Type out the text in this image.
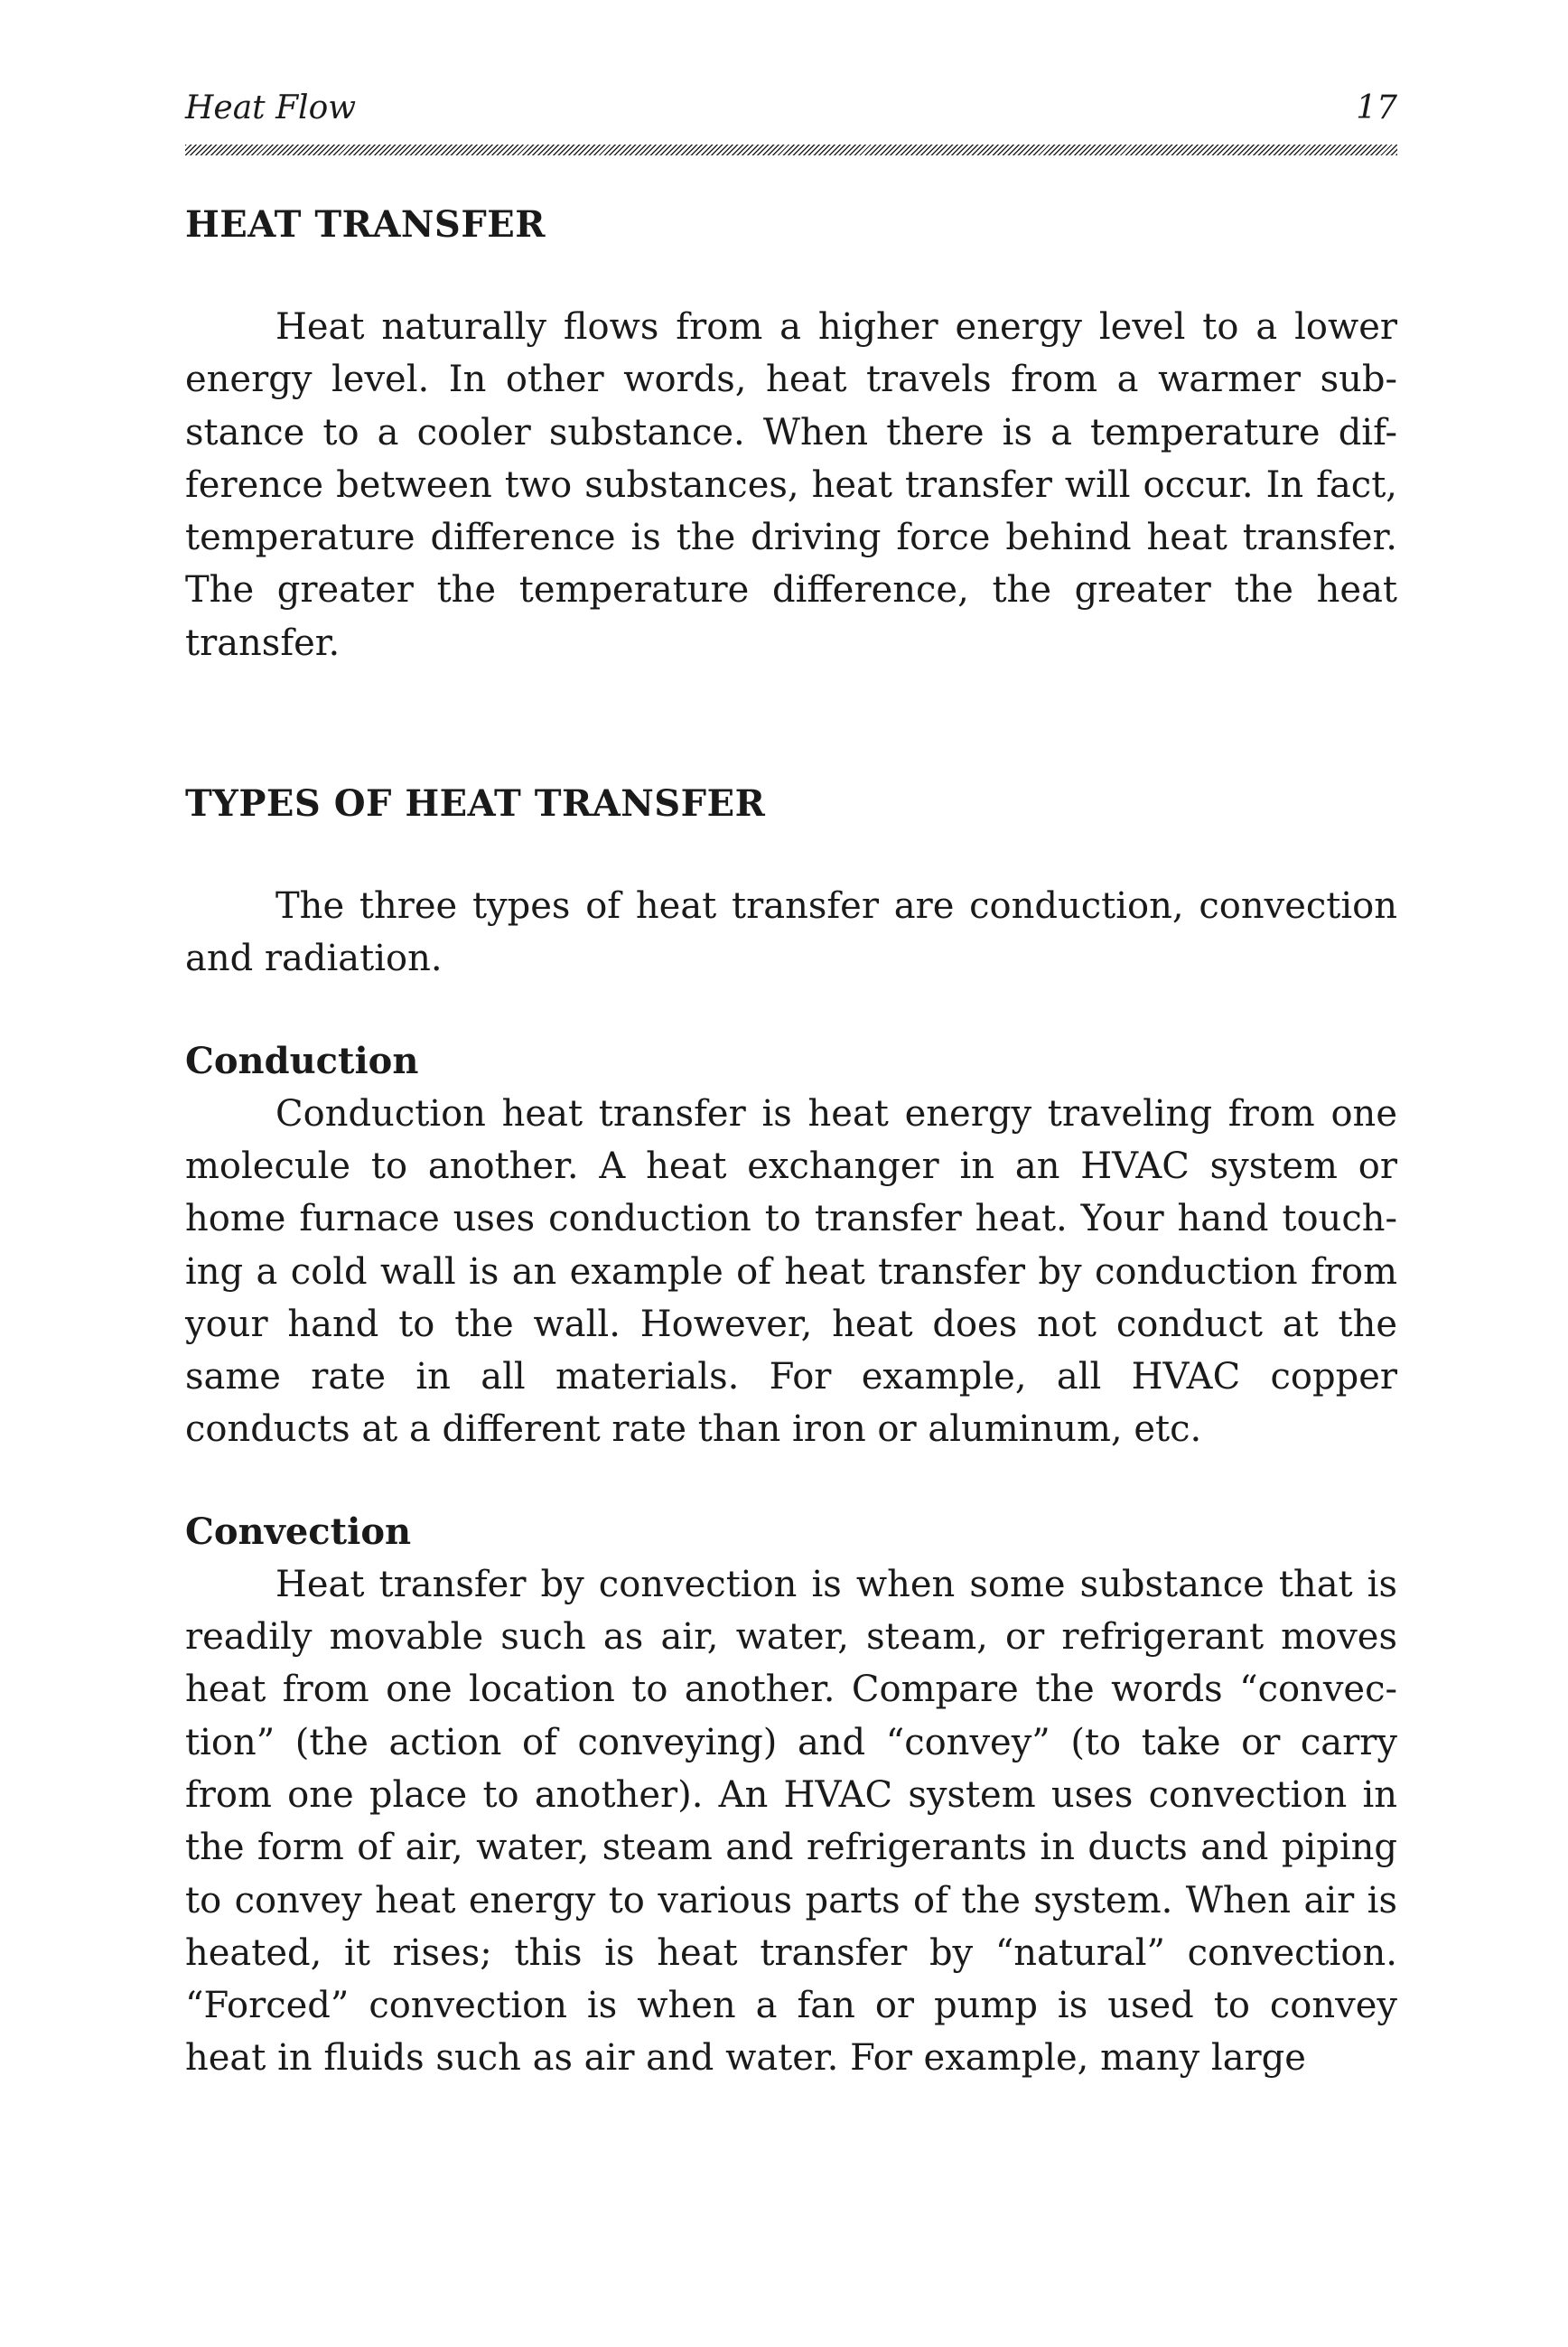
Heat Flow	17
HEAT TRANSFER

Heat naturally flows from a higher energy level to a lower energy level. In other words, heat travels from a warmer sub-stance to a cooler substance. When there is a temperature dif-ference between two substances, heat transfer will occur. In fact, temperature difference is the driving force behind heat transfer. The greater the temperature difference, the greater the heat transfer.

TYPES OF HEAT TRANSFER

The three types of heat transfer are conduction, convection and radiation.

Conduction

Conduction heat transfer is heat energy traveling from one molecule to another. A heat exchanger in an HVAC system or home furnace uses conduction to transfer heat. Your hand touch-ing a cold wall is an example of heat transfer by conduction from your hand to the wall. However, heat does not conduct at the same rate in all materials. For example, all HVAC copper conducts at a different rate than iron or aluminum, etc.

Convection

Heat transfer by convection is when some substance that is readily movable such as air, water, steam, or refrigerant moves heat from one location to another. Compare the words “convec-tion” (the action of conveying) and “convey” (to take or carry from one place to another). An HVAC system uses convection in the form of air, water, steam and refrigerants in ducts and piping to convey heat energy to various parts of the system. When air is heated, it rises; this is heat transfer by “natural” convection. “Forced” convection is when a fan or pump is used to convey heat in fluids such as air and water. For example, many large
